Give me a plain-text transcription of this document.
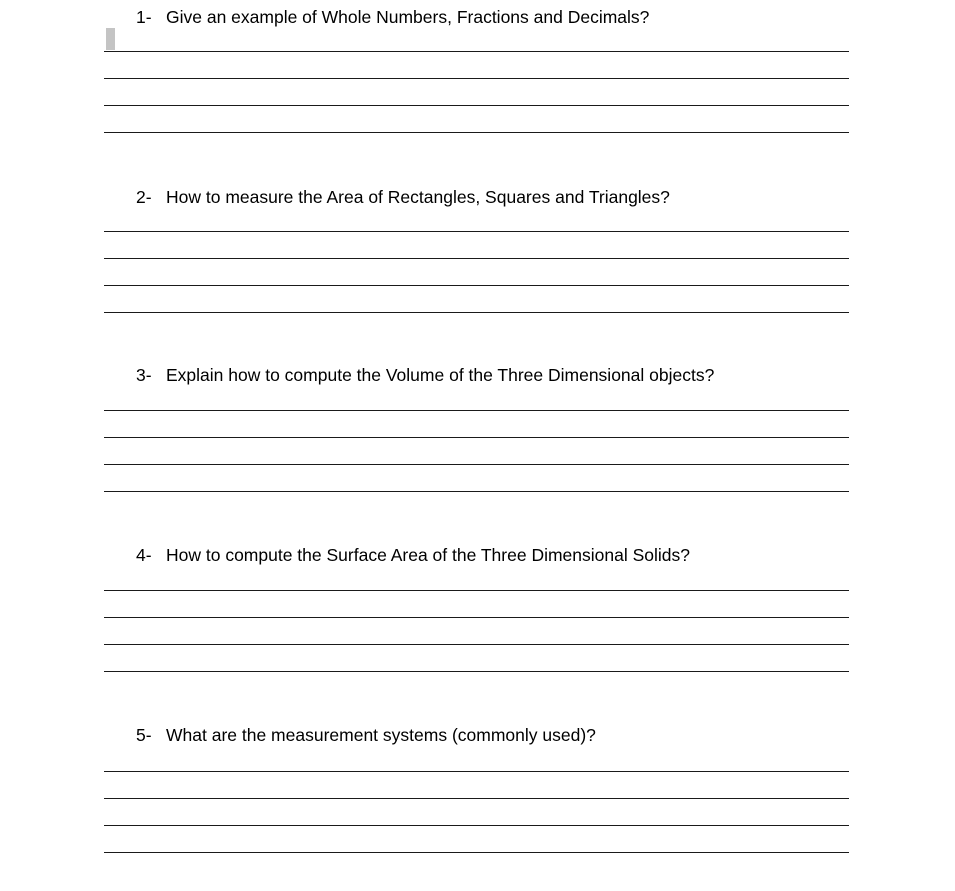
1- Give an example of Whole Numbers, Fractions and Decimals?
2- How to measure the Area of Rectangles, Squares and Triangles?
3- Explain how to compute the Volume of the Three Dimensional objects?
4- How to compute the Surface Area of the Three Dimensional Solids?
5- What are the measurement systems (commonly used)?
